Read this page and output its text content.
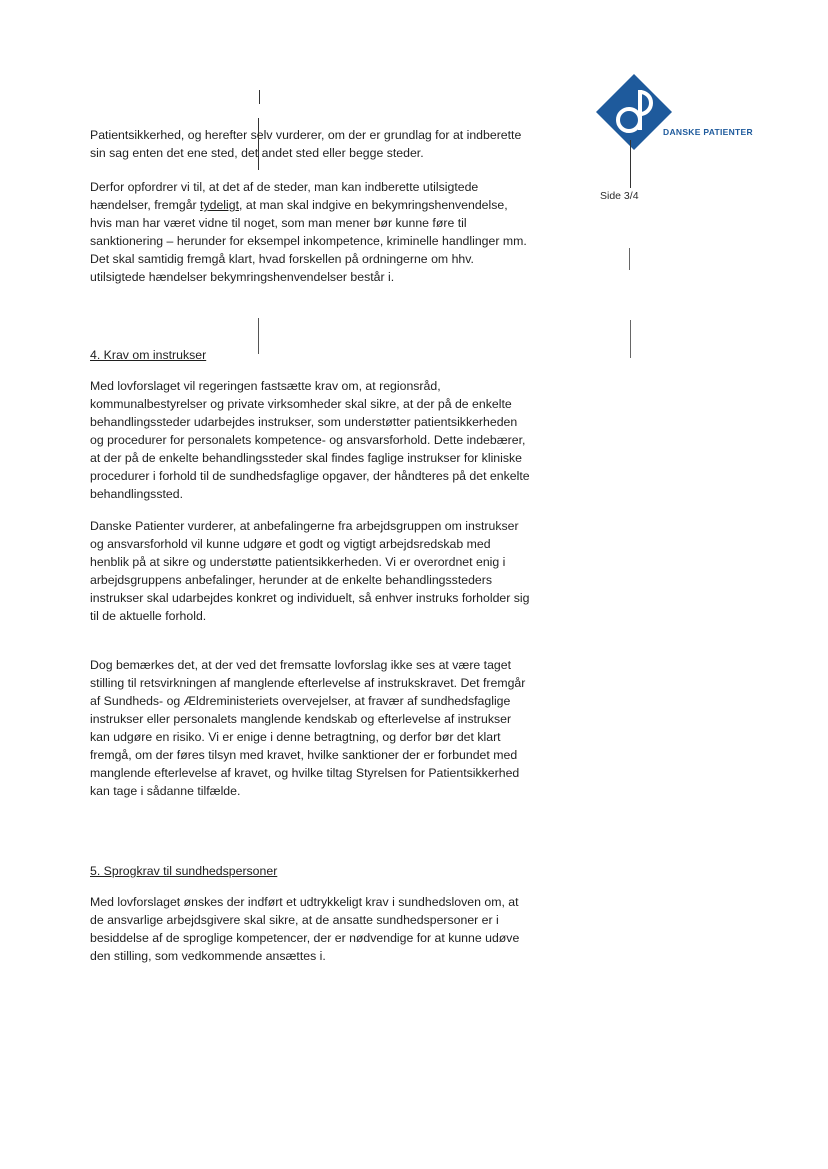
DANSKE PATIENTER
Side 3/4

Patientsikkerhed, og herefter selv vurderer, om der er grundlag for at indberette sin sag enten det ene sted, det andet sted eller begge steder.

Derfor opfordrer vi til, at det af de steder, man kan indberette utilsigtede hændelser, fremgår tydeligt, at man skal indgive en bekymringshenvendelse, hvis man har været vidne til noget, som man mener bør kunne føre til sanktionering – herunder for eksempel inkompetence, kriminelle handlinger mm. Det skal samtidig fremgå klart, hvad forskellen på ordningerne om hhv. utilsigtede hændelser bekymringshenvendelser består i.

4. Krav om instrukser

Med lovforslaget vil regeringen fastsætte krav om, at regionsråd, kommunalbestyrelser og private virksomheder skal sikre, at der på de enkelte behandlingssteder udarbejdes instrukser, som understøtter patientsikkerheden og procedurer for personalets kompetence- og ansvarsforhold. Dette indebærer, at der på de enkelte behandlingssteder skal findes faglige instrukser for kliniske procedurer i forhold til de sundhedsfaglige opgaver, der håndteres på det enkelte behandlingssted.

Danske Patienter vurderer, at anbefalingerne fra arbejdsgruppen om instrukser og ansvarsforhold vil kunne udgøre et godt og vigtigt arbejdsredskab med henblik på at sikre og understøtte patientsikkerheden. Vi er overordnet enig i arbejdsgruppens anbefalinger, herunder at de enkelte behandlingssteders instrukser skal udarbejdes konkret og individuelt, så enhver instruks forholder sig til de aktuelle forhold.

Dog bemærkes det, at der ved det fremsatte lovforslag ikke ses at være taget stilling til retsvirkningen af manglende efterlevelse af instrukskravet. Det fremgår af Sundheds- og Ældreministeriets overvejelser, at fravær af sundhedsfaglige instrukser eller personalets manglende kendskab og efterlevelse af instrukser kan udgøre en risiko. Vi er enige i denne betragtning, og derfor bør det klart fremgå, om der føres tilsyn med kravet, hvilke sanktioner der er forbundet med manglende efterlevelse af kravet, og hvilke tiltag Styrelsen for Patientsikkerhed kan tage i sådanne tilfælde.

5. Sprogkrav til sundhedspersoner

Med lovforslaget ønskes der indført et udtrykkeligt krav i sundhedsloven om, at de ansvarlige arbejdsgivere skal sikre, at de ansatte sundhedspersoner er i besiddelse af de sproglige kompetencer, der er nødvendige for at kunne udøve den stilling, som vedkommende ansættes i.
